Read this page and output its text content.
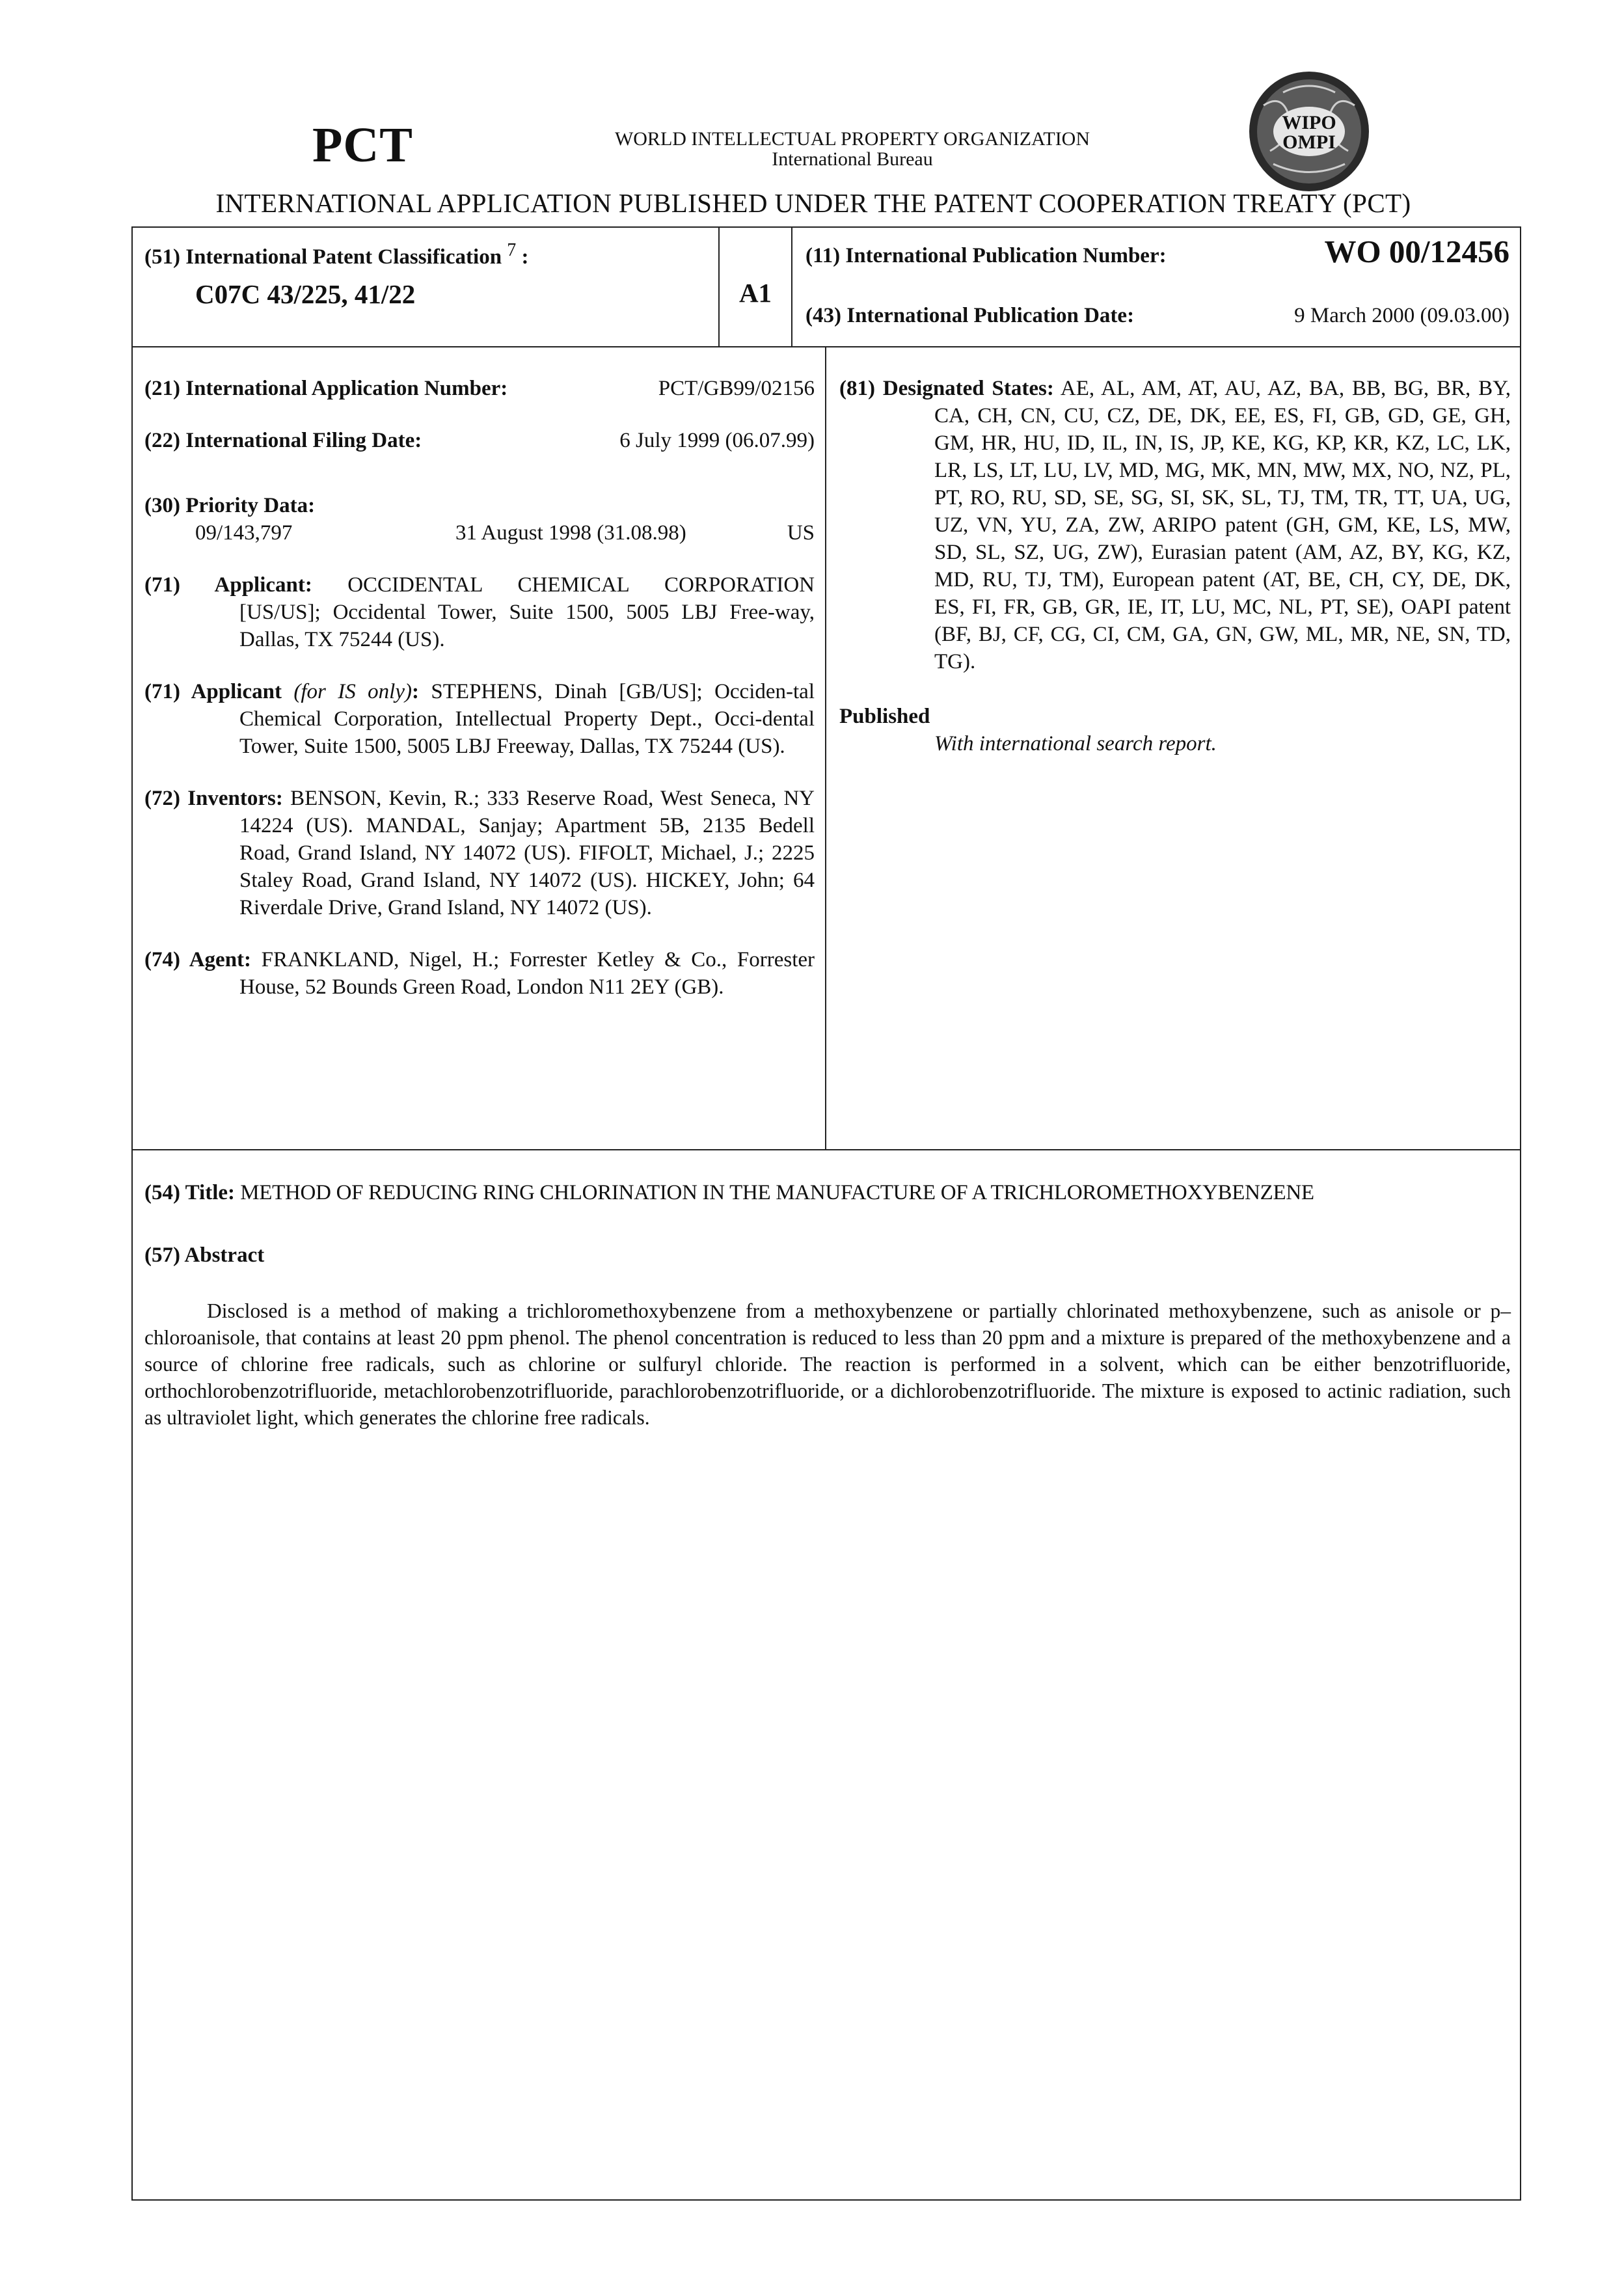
PCT	WORLD INTELLECTUAL PROPERTY ORGANIZATION
International Bureau
WIPO
OMPI
INTERNATIONAL APPLICATION PUBLISHED UNDER THE PATENT COOPERATION TREATY (PCT)
(51) International Patent Classification $^7$ :
C07C 43/225, 41/22	A1
(11) International Publication Number:	WO 00/12456
(43) International Publication Date:	9 March 2000 (09.03.00)
(21) International Application Number:	PCT/GB99/02156
(22) International Filing Date:	6 July 1999 (06.07.99)
(30) Priority Data:
09/143,797	31 August 1998 (31.08.98)	US
(71) Applicant: OCCIDENTAL CHEMICAL CORPORATION
[US/US]; Occidental Tower, Suite 1500, 5005 LBJ Free-way, Dallas, TX 75244 (US).
(71) Applicant (for IS only): STEPHENS, Dinah [GB/US]; Occiden-tal Chemical Corporation, Intellectual Property Dept., Occi-dental Tower, Suite 1500, 5005 LBJ Freeway, Dallas, TX 75244 (US).
(72) Inventors: BENSON, Kevin, R.; 333 Reserve Road, West Seneca, NY 14224 (US). MANDAL, Sanjay; Apartment 5B, 2135 Bedell Road, Grand Island, NY 14072 (US). FIFOLT, Michael, J.; 2225 Staley Road, Grand Island, NY 14072 (US). HICKEY, John; 64 Riverdale Drive, Grand Island, NY 14072 (US).
(74) Agent: FRANKLAND, Nigel, H.; Forrester Ketley & Co., Forrester House, 52 Bounds Green Road, London N11 2EY (GB).
(81) Designated States: AE, AL, AM, AT, AU, AZ, BA, BB, BG, BR, BY, CA, CH, CN, CU, CZ, DE, DK, EE, ES, FI, GB, GD, GE, GH, GM, HR, HU, ID, IL, IN, IS, JP, KE, KG, KP, KR, KZ, LC, LK, LR, LS, LT, LU, LV, MD, MG, MK, MN, MW, MX, NO, NZ, PL, PT, RO, RU, SD, SE, SG, SI, SK, SL, TJ, TM, TR, TT, UA, UG, UZ, VN, YU, ZA, ZW, ARIPO patent (GH, GM, KE, LS, MW, SD, SL, SZ, UG, ZW), Eurasian patent (AM, AZ, BY, KG, KZ, MD, RU, TJ, TM), European patent (AT, BE, CH, CY, DE, DK, ES, FI, FR, GB, GR, IE, IT, LU, MC, NL, PT, SE), OAPI patent (BF, BJ, CF, CG, CI, CM, GA, GN, GW, ML, MR, NE, SN, TD, TG).
Published
With international search report.
(54) Title: METHOD OF REDUCING RING CHLORINATION IN THE MANUFACTURE OF A TRICHLOROMETHOXYBENZENE
(57) Abstract
Disclosed is a method of making a trichloromethoxybenzene from a methoxybenzene or partially chlorinated methoxybenzene, such as anisole or p–chloroanisole, that contains at least 20 ppm phenol. The phenol concentration is reduced to less than 20 ppm and a mixture is prepared of the methoxybenzene and a source of chlorine free radicals, such as chlorine or sulfuryl chloride. The reaction is performed in a solvent, which can be either benzotrifluoride, orthochlorobenzotrifluoride, metachlorobenzotrifluoride, parachlorobenzotrifluoride, or a dichlorobenzotrifluoride. The mixture is exposed to actinic radiation, such as ultraviolet light, which generates the chlorine free radicals.
